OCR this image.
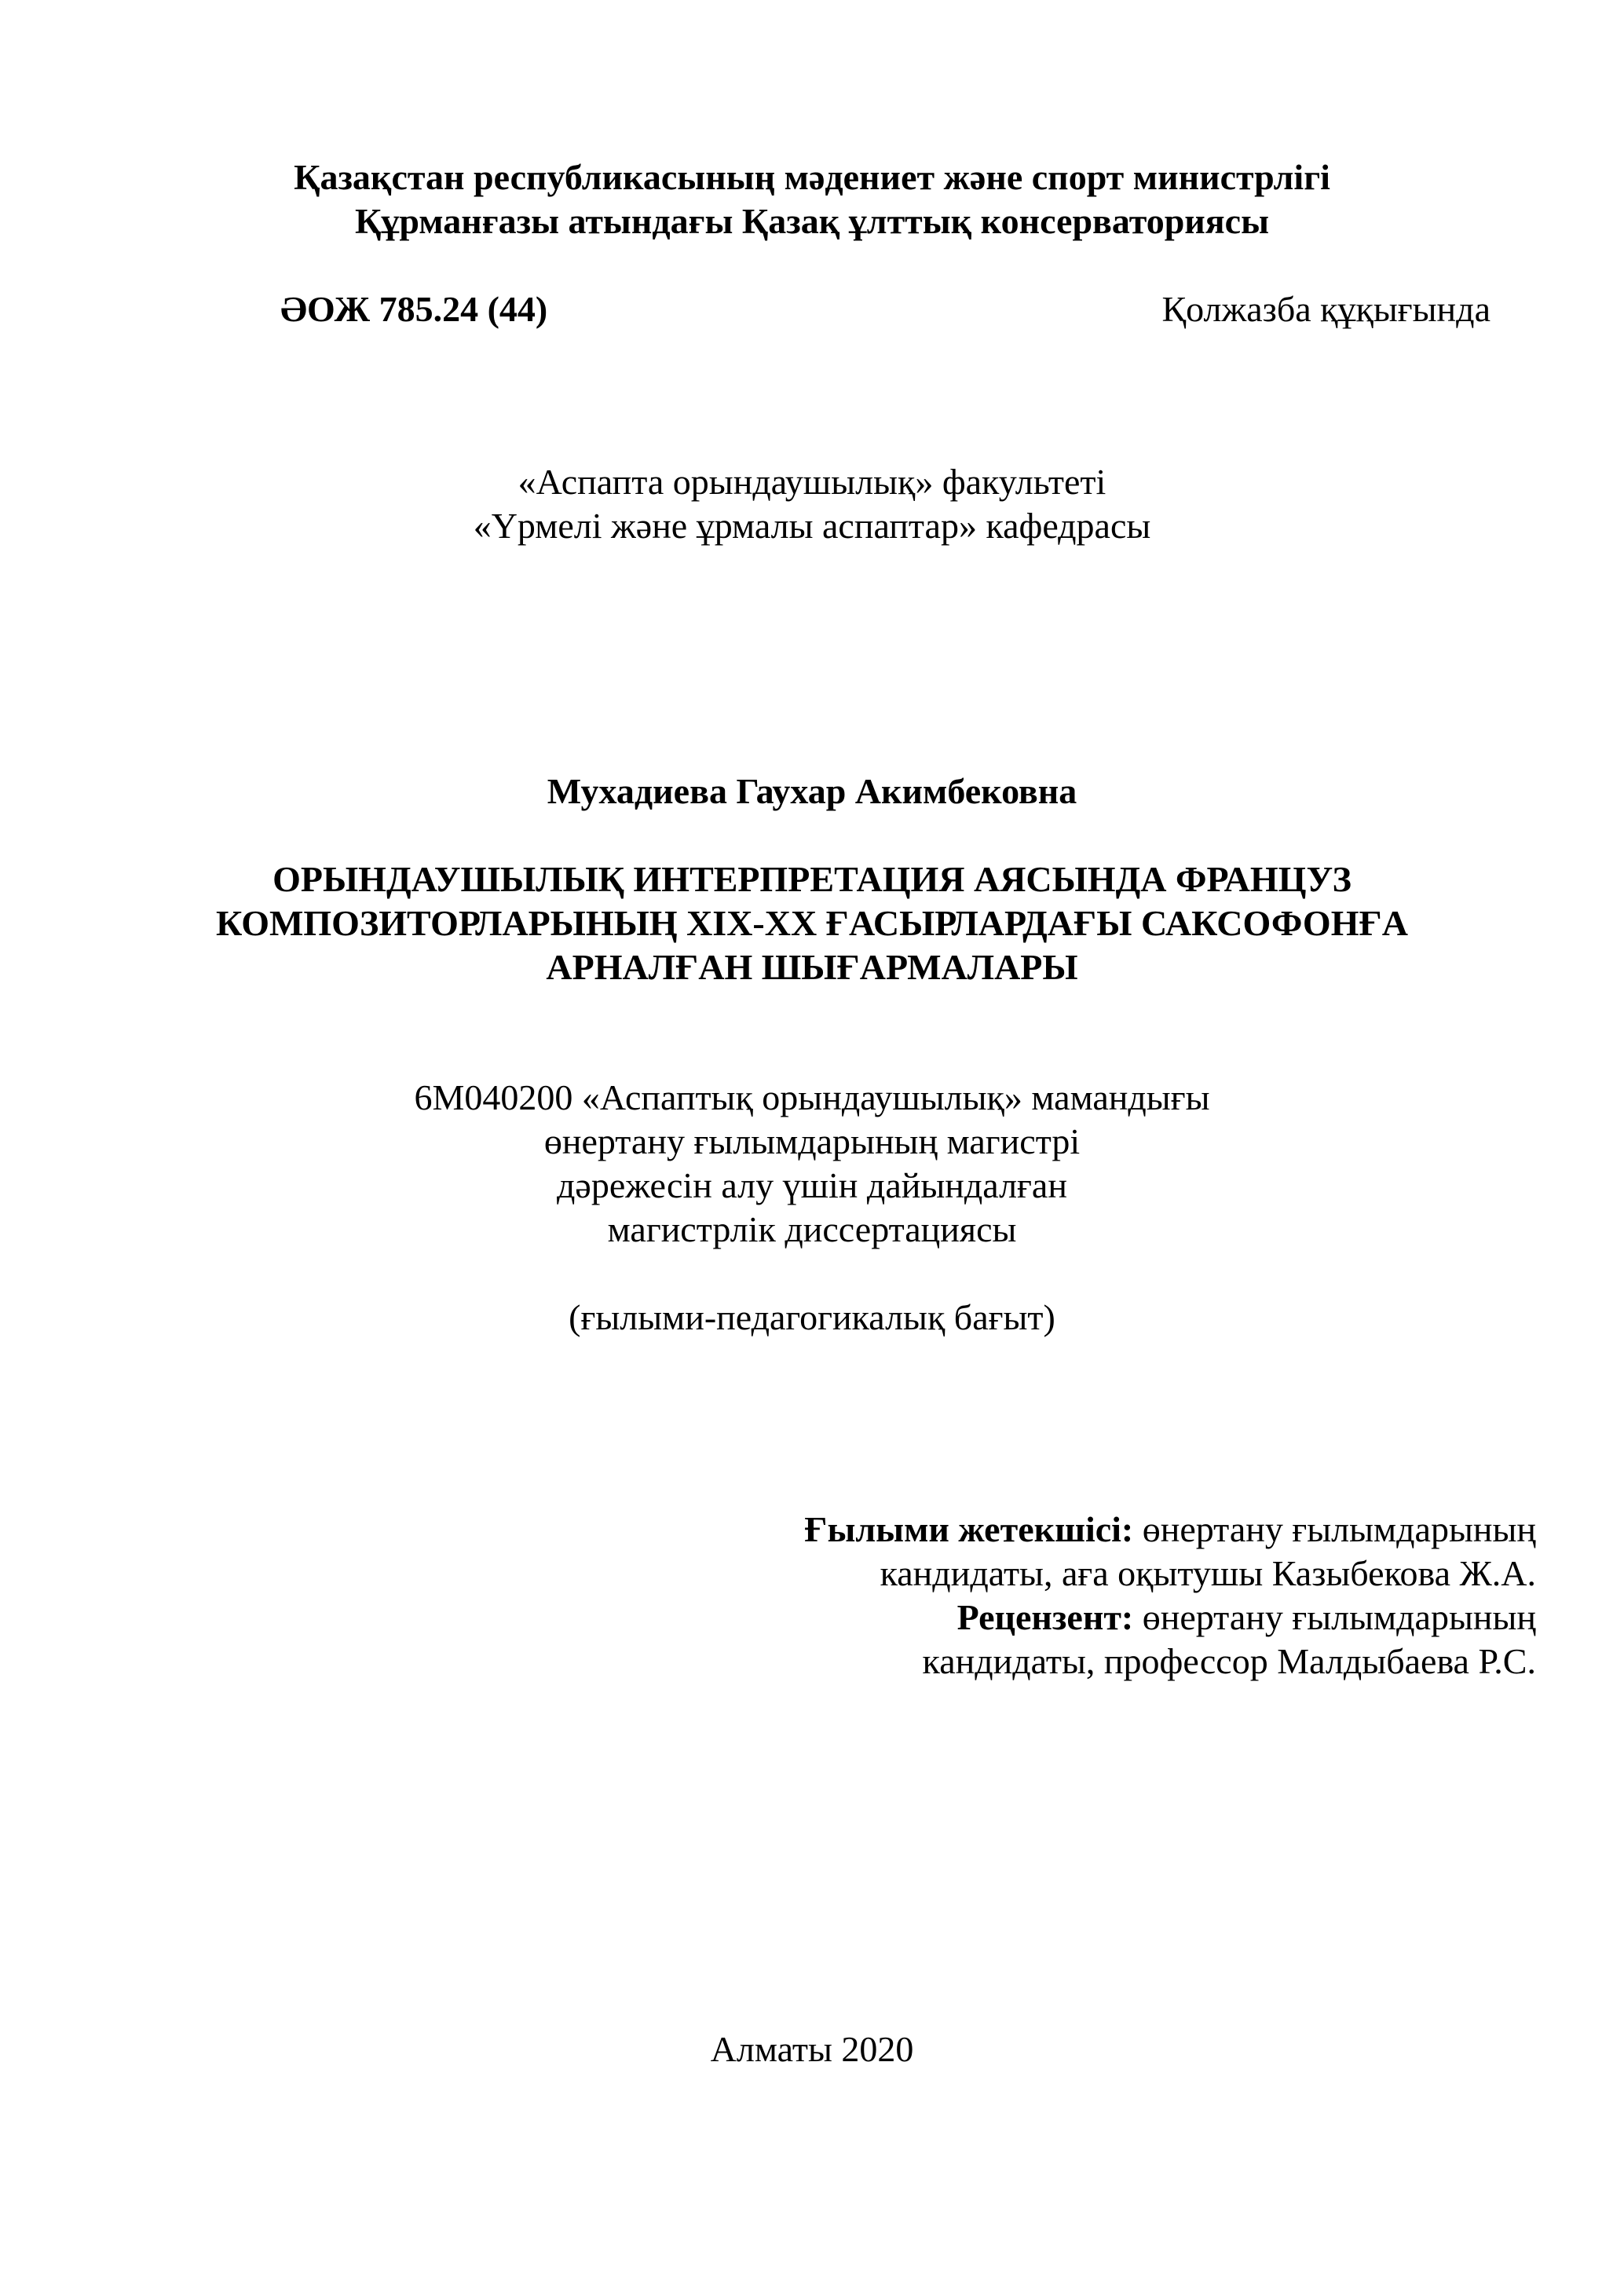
Қазақстан республикасының мәдениет және спорт министрлігі
Құрманғазы атындағы Қазақ ұлттық консерваториясы
ӘОЖ 785.24 (44)	Қолжазба құқығында
«Аспапта орындаушылық» факультеті
«Үрмелі және ұрмалы аспаптар» кафедрасы
Мухадиева Гаухар Акимбековна
ОРЫНДАУШЫЛЫҚ ИНТЕРПРЕТАЦИЯ АЯСЫНДА ФРАНЦУЗ
КОМПОЗИТОРЛАРЫНЫҢ XIX-XX ҒАСЫРЛАРДАҒЫ САКСОФОНҒА
АРНАЛҒАН ШЫҒАРМАЛАРЫ
6М040200 «Аспаптық орындаушылық» мамандығы
өнертану ғылымдарының магистрі
дәрежесін алу үшін дайындалған
магистрлік диссертациясы
(ғылыми-педагогикалық бағыт)
Ғылыми жетекшісі: өнертану ғылымдарының
кандидаты, аға оқытушы Казыбекова Ж.А.
Рецензент: өнертану ғылымдарының
кандидаты, профессор Малдыбаева Р.С.
Алматы 2020
